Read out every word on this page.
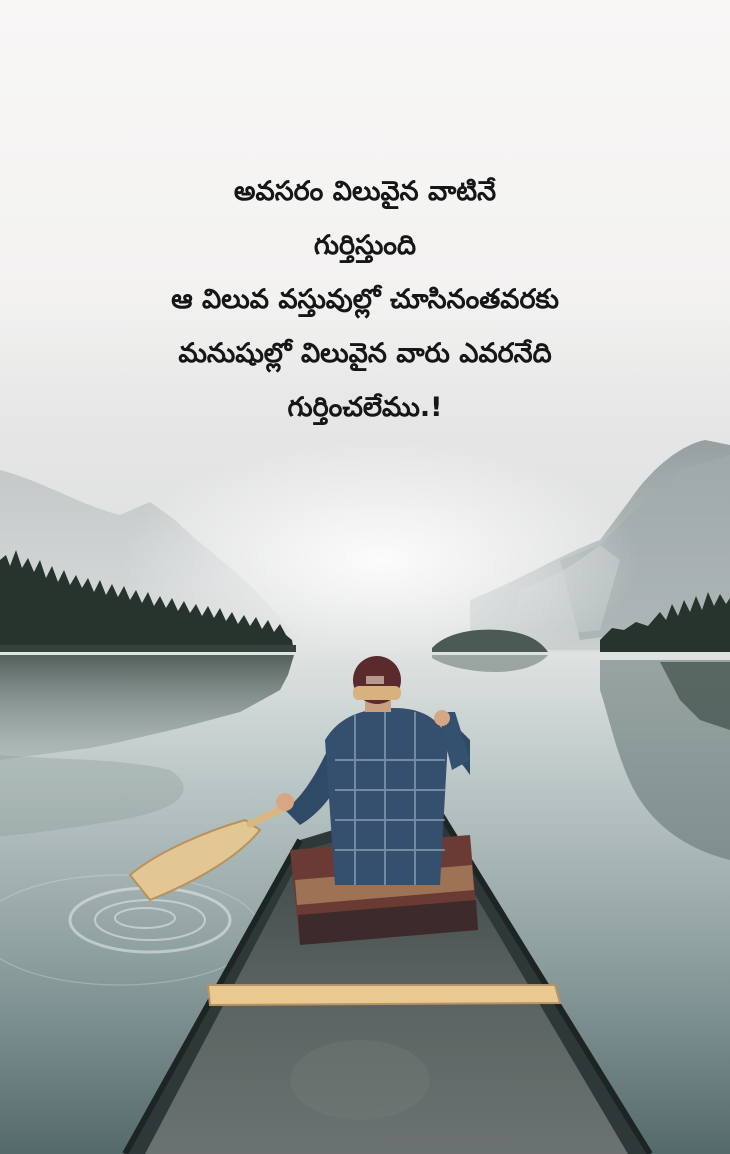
అవసరం విలువైన వాటినే
గుర్తిస్తుంది
ఆ విలువ వస్తువుల్లో చూసినంతవరకు
మనుషుల్లో విలువైన వారు ఎవరనేది
గుర్తించలేము.!
